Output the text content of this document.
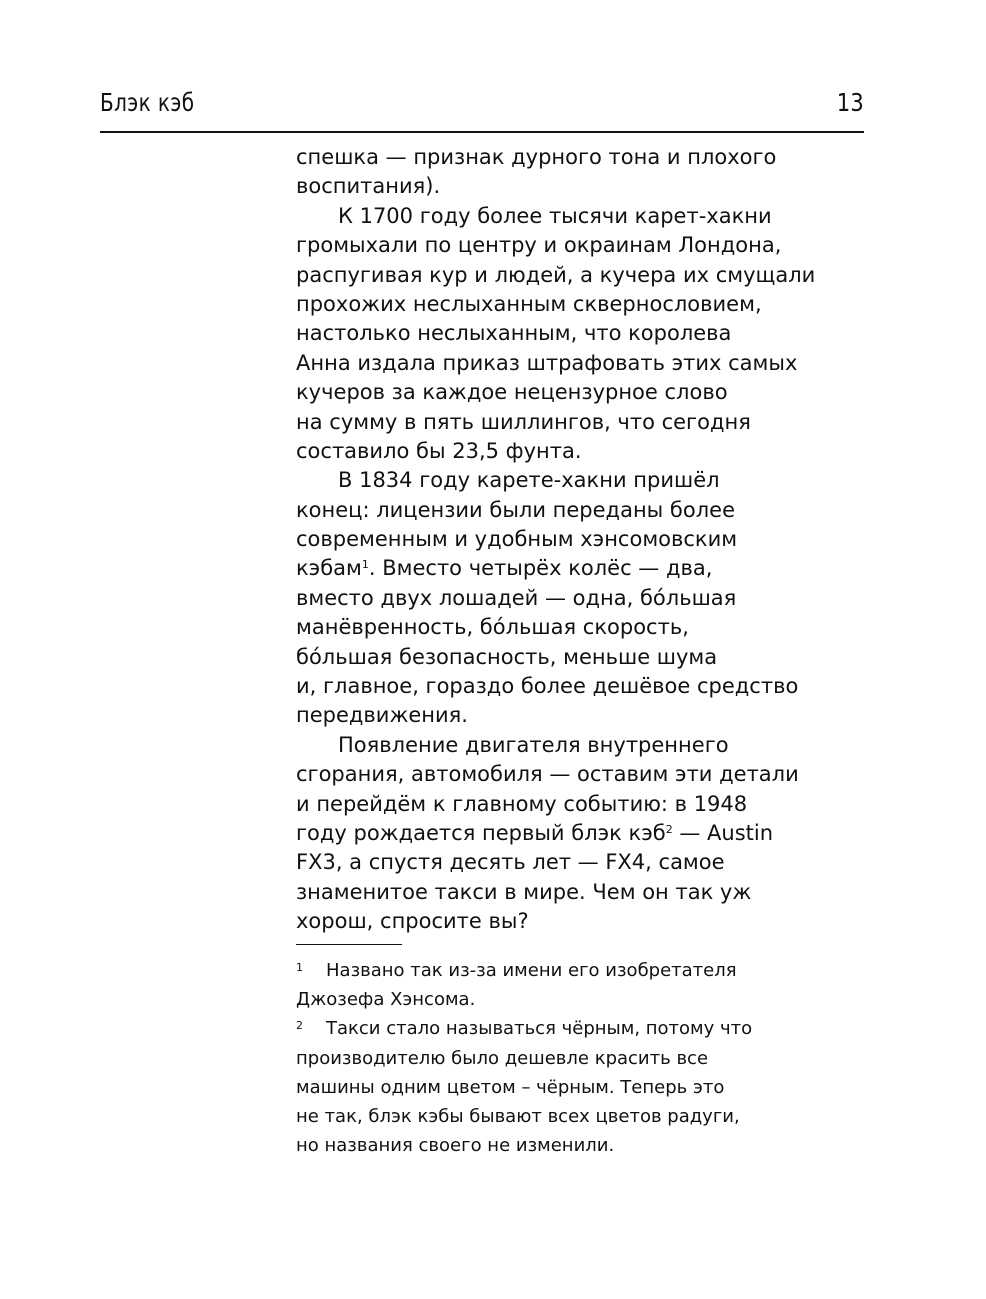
Блэк кэб	13
спешка — признак дурного тона и плохого
воспитания).
К 1700 году более тысячи карет-хакни
громыхали по центру и окраинам Лондона,
распугивая кур и людей, а кучера их смущали
прохожих неслыханным сквернословием,
настолько неслыханным, что королева
Анна издала приказ штрафовать этих самых
кучеров за каждое нецензурное слово
на сумму в пять шиллингов, что сегодня
составило бы 23,5 фунта.
В 1834 году карете-хакни пришёл
конец: лицензии были переданы более
современным и удобным хэнсомовским
кэбам$^1$. Вместо четырёх колёс — два,
вместо двух лошадей — одна, бóльшая
манёвренность, бóльшая скорость,
бóльшая безопасность, меньше шума
и, главное, гораздо более дешёвое средство
передвижения.
Появление двигателя внутреннего
сгорания, автомобиля — оставим эти детали
и перейдём к главному событию: в 1948
году рождается первый блэк кэб$^2$ — Austin
FX3, а спустя десять лет — FX4, самое
знаменитое такси в мире. Чем он так уж
хорош, спросите вы?
1 Названо так из-за имени его изобретателя
Джозефа Хэнсома.
2 Такси стало называться чёрным, потому что
производителю было дешевле красить все
машины одним цветом – чёрным. Теперь это
не так, блэк кэбы бывают всех цветов радуги,
но названия своего не изменили.
